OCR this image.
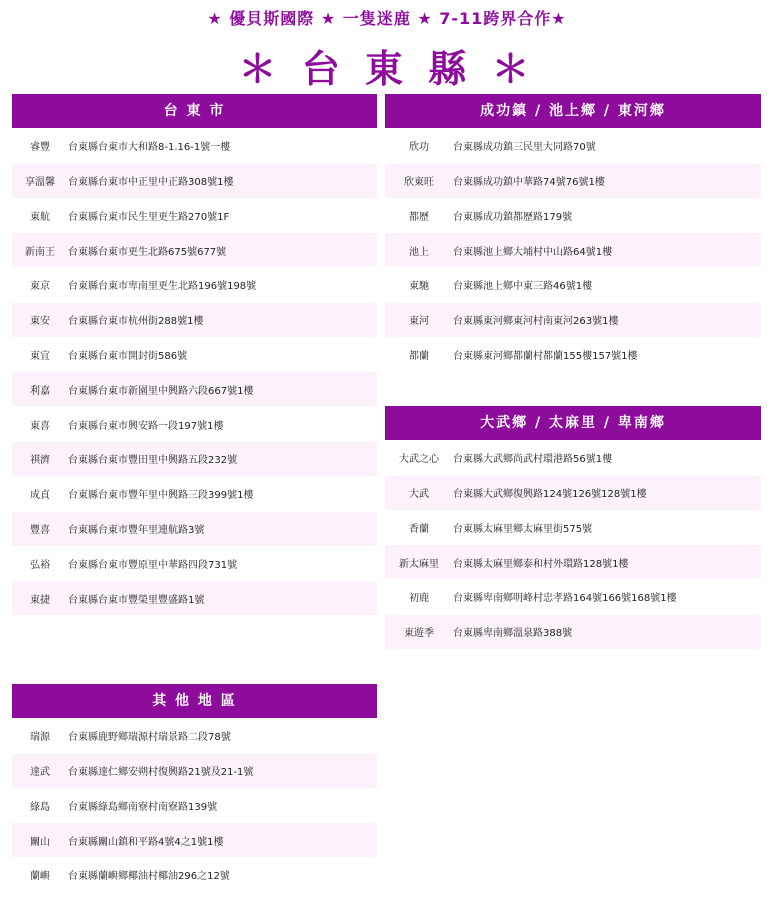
★ 優貝斯國際 ★ 一隻迷鹿 ★ 7-11跨界合作★
＊ 台 東 縣 ＊
台 東 市
睿豐	台東縣台東市大和路8-1.16-1號一樓
享溫馨	台東縣台東市中正里中正路308號1樓
東航	台東縣台東市民生里更生路270號1F
新南王	台東縣台東市更生北路675號677號
東京	台東縣台東市卑南里更生北路196號198號
東安	台東縣台東市杭州街288號1樓
東宜	台東縣台東市開封街586號
利嘉	台東縣台東市新園里中興路六段667號1樓
東喜	台東縣台東市興安路一段197號1樓
祺濟	台東縣台東市豐田里中興路五段232號
成貞	台東縣台東市豐年里中興路三段399號1樓
豐喜	台東縣台東市豐年里連航路3號
弘裕	台東縣台東市豐原里中華路四段731號
東捷	台東縣台東市豐榮里豐盛路1號
成功鎮 / 池上鄉 / 東河鄉
欣功	台東縣成功鎮三民里大同路70號
欣東旺	台東縣成功鎮中華路74號76號1樓
都歷	台東縣成功鎮都歷路179號
池上	台東縣池上鄉大埔村中山路64號1樓
東馳	台東縣池上鄉中東三路46號1樓
東河	台東縣東河鄉東河村南東河263號1樓
都蘭	台東縣東河鄉都蘭村都蘭155樓157號1樓
大武鄉 / 太麻里 / 卑南鄉
大武之心	台東縣大武鄉尚武村環港路56號1樓
大武	台東縣大武鄉復興路124號126號128號1樓
香蘭	台東縣太麻里鄉太麻里街575號
新太麻里	台東縣太麻里鄉泰和村外環路128號1樓
初鹿	台東縣卑南鄉明峰村忠孝路164號166號168號1樓
東遊季	台東縣卑南鄉溫泉路388號
其 他 地 區
瑞源	台東縣鹿野鄉瑞源村瑞景路二段78號
達武	台東縣達仁鄉安朔村復興路21號及21-1號
綠島	台東縣綠島鄉南寮村南寮路139號
關山	台東縣關山鎮和平路4號4之1號1樓
蘭嶼	台東縣蘭嶼鄉椰油村椰油296之12號
